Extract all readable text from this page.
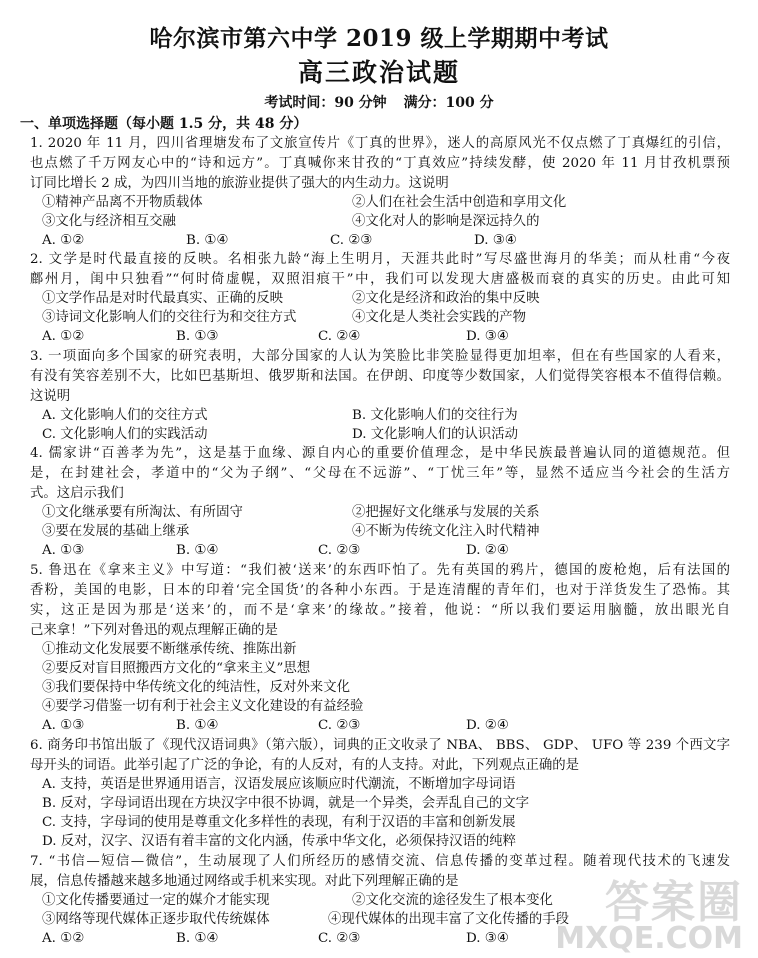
哈尔滨市第六中学 2019 级上学期期中考试
高三政治试题
考试时间：90 分钟 满分：100 分
一、单项选择题（每小题 1.5 分，共 48 分）
1. 2020 年 11 月，四川省理塘发布了文旅宣传片《丁真的世界》，迷人的高原风光不仅点燃了丁真爆红的引信，
也点燃了千万网友心中的“诗和远方”。丁真喊你来甘孜的“丁真效应”持续发酵，使 2020 年 11 月甘孜机票预
订同比增长 2 成，为四川当地的旅游业提供了强大的内生动力。这说明
①精神产品离不开物质载体	②人们在社会生活中创造和享用文化
③文化与经济相互交融	④文化对人的影响是深远持久的
A. ①②	B. ①④	C. ②③	D. ③④
2. 文学是时代最直接的反映。名相张九龄“海上生明月，天涯共此时”写尽盛世海月的华美；而从杜甫“今夜
鄜州月，闺中只独看”“何时倚虚幌，双照泪痕干”中，我们可以发现大唐盛极而衰的真实的历史。由此可知
①文学作品是对时代最真实、正确的反映	②文化是经济和政治的集中反映
③诗词文化影响人们的交往行为和交往方式	④文化是人类社会实践的产物
A. ①②	B. ①③	C. ②④	D. ③④
3. 一项面向多个国家的研究表明，大部分国家的人认为笑脸比非笑脸显得更加坦率，但在有些国家的人看来，
有没有笑容差别不大，比如巴基斯坦、俄罗斯和法国。在伊朗、印度等少数国家，人们觉得笑容根本不值得信赖。
这说明
A. 文化影响人们的交往方式	B. 文化影响人们的交往行为
C. 文化影响人们的实践活动	D. 文化影响人们的认识活动
4. 儒家讲“百善孝为先”，这是基于血缘、源自内心的重要价值理念，是中华民族最普遍认同的道德规范。但
是，在封建社会，孝道中的“父为子纲”、“父母在不远游”、“丁忧三年”等，显然不适应当今社会的生活方
式。这启示我们
①文化继承要有所淘汰、有所固守	②把握好文化继承与发展的关系
③要在发展的基础上继承	④不断为传统文化注入时代精神
A. ①③	B. ①④	C. ②③	D. ②④
5. 鲁迅在《拿来主义》中写道：“我们被‘送来’的东西吓怕了。先有英国的鸦片，德国的废枪炮，后有法国的
香粉，美国的电影，日本的印着‘完全国货’的各种小东西。于是连清醒的青年们，也对于洋货发生了恐怖。其
实，这正是因为那是‘送来’的，而不是‘拿来’的缘故。”接着，他说：“所以我们要运用脑髓，放出眼光自
己来拿！”下列对鲁迅的观点理解正确的是
①推动文化发展要不断继承传统、推陈出新
②要反对盲目照搬西方文化的“拿来主义”思想
③我们要保持中华传统文化的纯洁性，反对外来文化
④要学习借鉴一切有利于社会主义文化建设的有益经验
A. ①③	B. ①④	C. ②③	D. ②④
6. 商务印书馆出版了《现代汉语词典》（第六版），词典的正文收录了 NBA、 BBS、 GDP、 UFO 等 239 个西文字
母开头的词语。此举引起了广泛的争论，有的人反对，有的人支持。对此，下列观点正确的是
A. 支持，英语是世界通用语言，汉语发展应该顺应时代潮流，不断增加字母词语
B. 反对，字母词语出现在方块汉字中很不协调，就是一个异类，会弄乱自己的文字
C. 支持，字母词的使用是尊重文化多样性的表现，有利于汉语的丰富和创新发展
D. 反对，汉字、汉语有着丰富的文化内涵，传承中华文化，必须保持汉语的纯粹
7. “书信—短信—微信”，生动展现了人们所经历的感情交流、信息传播的变革过程。随着现代技术的飞速发
展，信息传播越来越多地通过网络或手机来实现。对此下列理解正确的是
①文化传播要通过一定的媒介才能实现	②文化交流的途径发生了根本变化
③网络等现代媒体正逐步取代传统媒体	④现代媒体的出现丰富了文化传播的手段
A. ①②	B. ①④	C. ②③	D. ③④
答案圈
MXQE.COM
